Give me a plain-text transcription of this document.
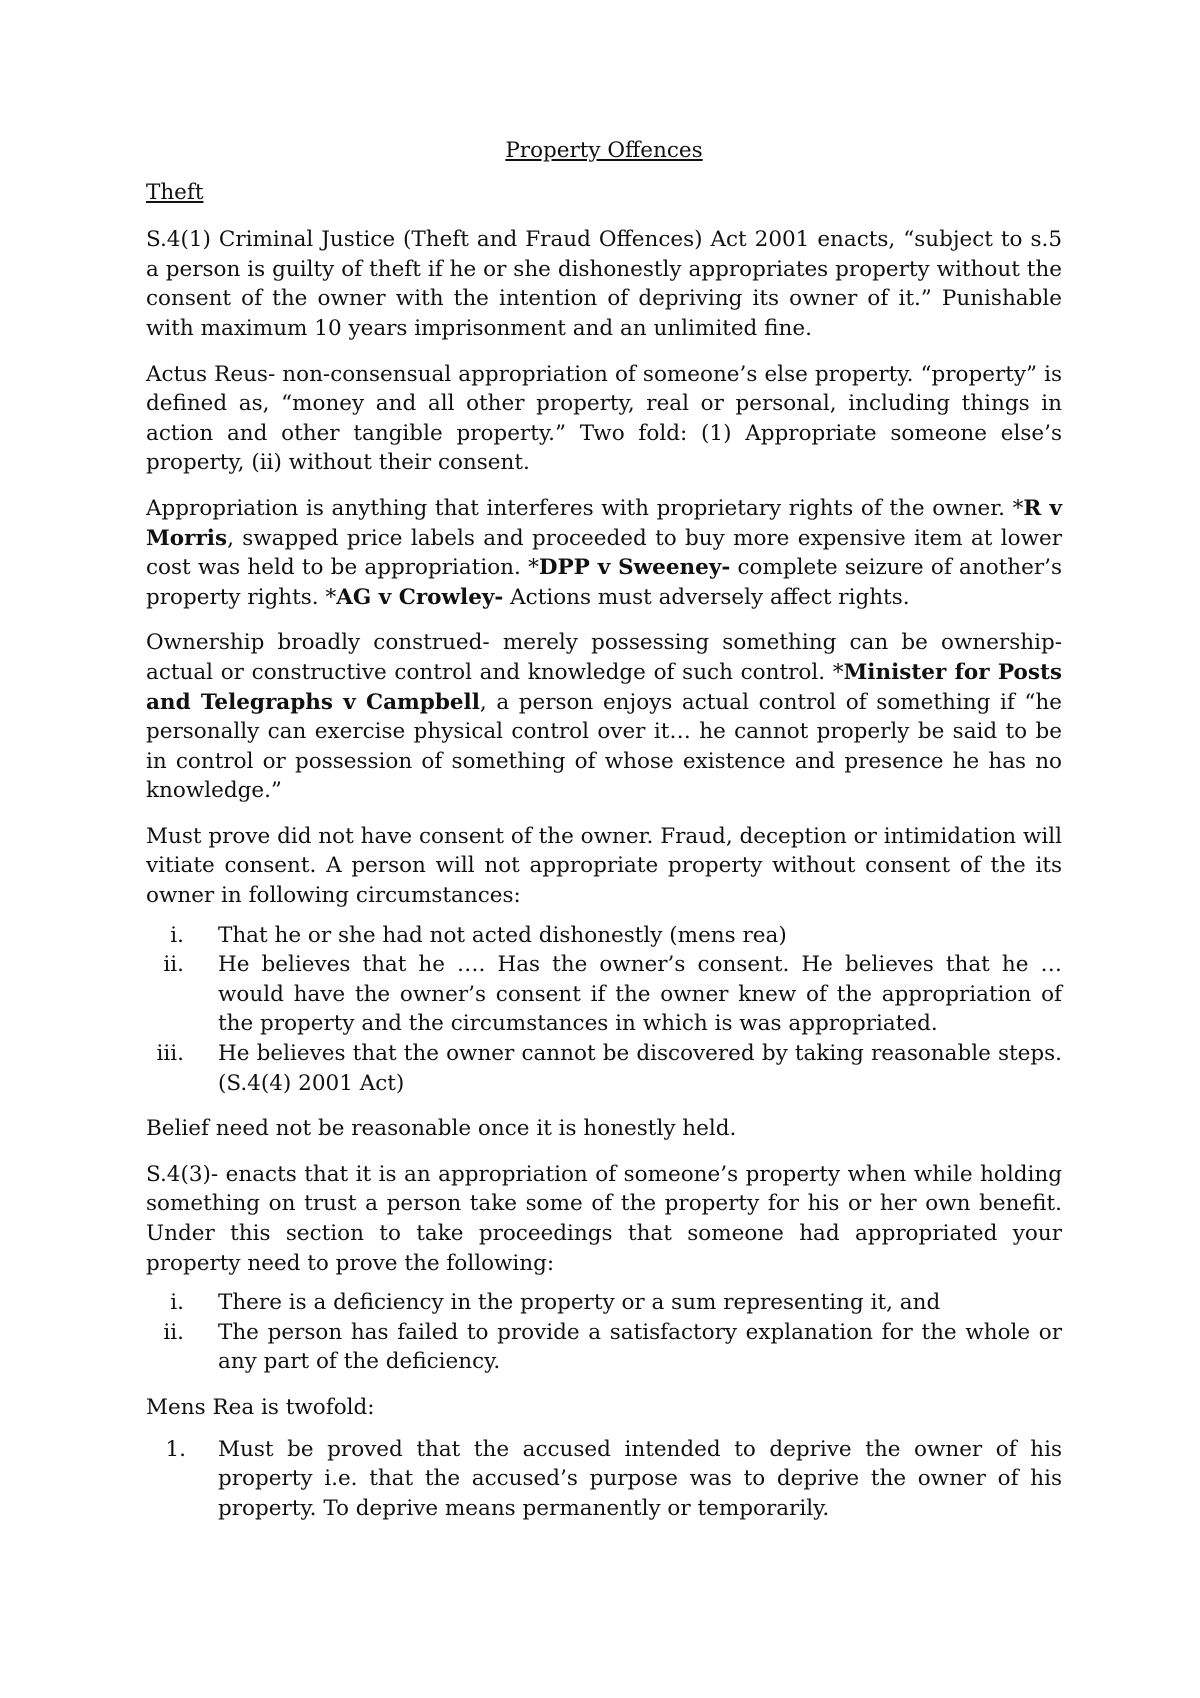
Property Offences
Theft

S.4(1) Criminal Justice (Theft and Fraud Offences) Act 2001 enacts, “subject to s.5 a person is guilty of theft if he or she dishonestly appropriates property without the consent of the owner with the intention of depriving its owner of it.” Punishable with maximum 10 years imprisonment and an unlimited fine.

Actus Reus- non-consensual appropriation of someone’s else property. “property” is defined as, “money and all other property, real or personal, including things in action and other tangible property.” Two fold: (1) Appropriate someone else’s property, (ii) without their consent.

Appropriation is anything that interferes with proprietary rights of the owner. *R v Morris, swapped price labels and proceeded to buy more expensive item at lower cost was held to be appropriation. *DPP v Sweeney- complete seizure of another’s property rights. *AG v Crowley- Actions must adversely affect rights.

Ownership broadly construed- merely possessing something can be ownership- actual or constructive control and knowledge of such control. *Minister for Posts and Telegraphs v Campbell, a person enjoys actual control of something if “he personally can exercise physical control over it… he cannot properly be said to be in control or possession of something of whose existence and presence he has no knowledge.”

Must prove did not have consent of the owner. Fraud, deception or intimidation will vitiate consent. A person will not appropriate property without consent of the its owner in following circumstances:

i. That he or she had not acted dishonestly (mens rea)
ii. He believes that he …. Has the owner’s consent. He believes that he … would have the owner’s consent if the owner knew of the appropriation of the property and the circumstances in which is was appropriated.
iii. He believes that the owner cannot be discovered by taking reasonable steps. (S.4(4) 2001 Act)

Belief need not be reasonable once it is honestly held.

S.4(3)- enacts that it is an appropriation of someone’s property when while holding something on trust a person take some of the property for his or her own benefit. Under this section to take proceedings that someone had appropriated your property need to prove the following:

i. There is a deficiency in the property or a sum representing it, and
ii. The person has failed to provide a satisfactory explanation for the whole or any part of the deficiency.

Mens Rea is twofold:

1. Must be proved that the accused intended to deprive the owner of his property i.e. that the accused’s purpose was to deprive the owner of his property. To deprive means permanently or temporarily.
